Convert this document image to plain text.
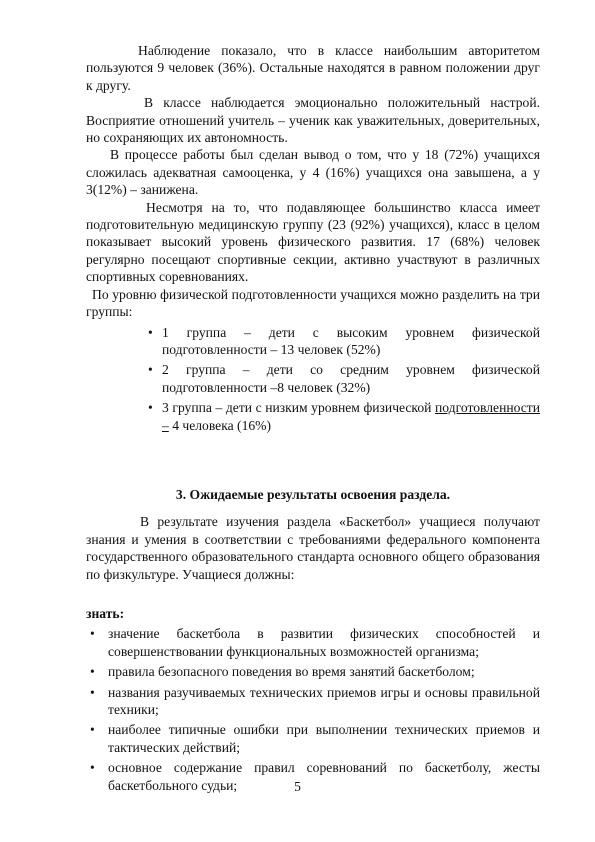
Наблюдение показало, что в классе наибольшим авторитетом пользуются 9 человек (36%). Остальные находятся в равном положении друг к другу.

В классе наблюдается эмоционально положительный настрой. Восприятие отношений учитель – ученик как уважительных, доверительных, но сохраняющих их автономность.

В процессе работы был сделан вывод о том, что у 18 (72%) учащихся сложилась адекватная самооценка, у 4 (16%) учащихся она завышена, а у 3(12%) – занижена.

Несмотря на то, что подавляющее большинство класса имеет подготовительную медицинскую группу (23 (92%) учащихся), класс в целом показывает высокий уровень физического развития. 17 (68%) человек регулярно посещают спортивные секции, активно участвуют в различных спортивных соревнованиях.

По уровню физической подготовленности учащихся можно разделить на три группы:

• 1 группа – дети с высоким уровнем физической подготовленности – 13 человек (52%)
• 2 группа – дети со средним уровнем физической подготовленности –8 человек (32%)
• 3 группа – дети с низким уровнем физической подготовленности – 4 человека (16%)

3. Ожидаемые результаты освоения раздела.

В результате изучения раздела «Баскетбол» учащиеся получают знания и умения в соответствии с требованиями федерального компонента государственного образовательного стандарта основного общего образования по физкультуре. Учащиеся должны:

знать:

• значение баскетбола в развитии физических способностей и совершенствовании функциональных возможностей организма;
• правила безопасного поведения во время занятий баскетболом;
• названия разучиваемых технических приемов игры и основы правильной техники;
• наиболее типичные ошибки при выполнении технических приемов и тактических действий;
• основное содержание правил соревнований по баскетболу, жесты баскетбольного судьи;	5
